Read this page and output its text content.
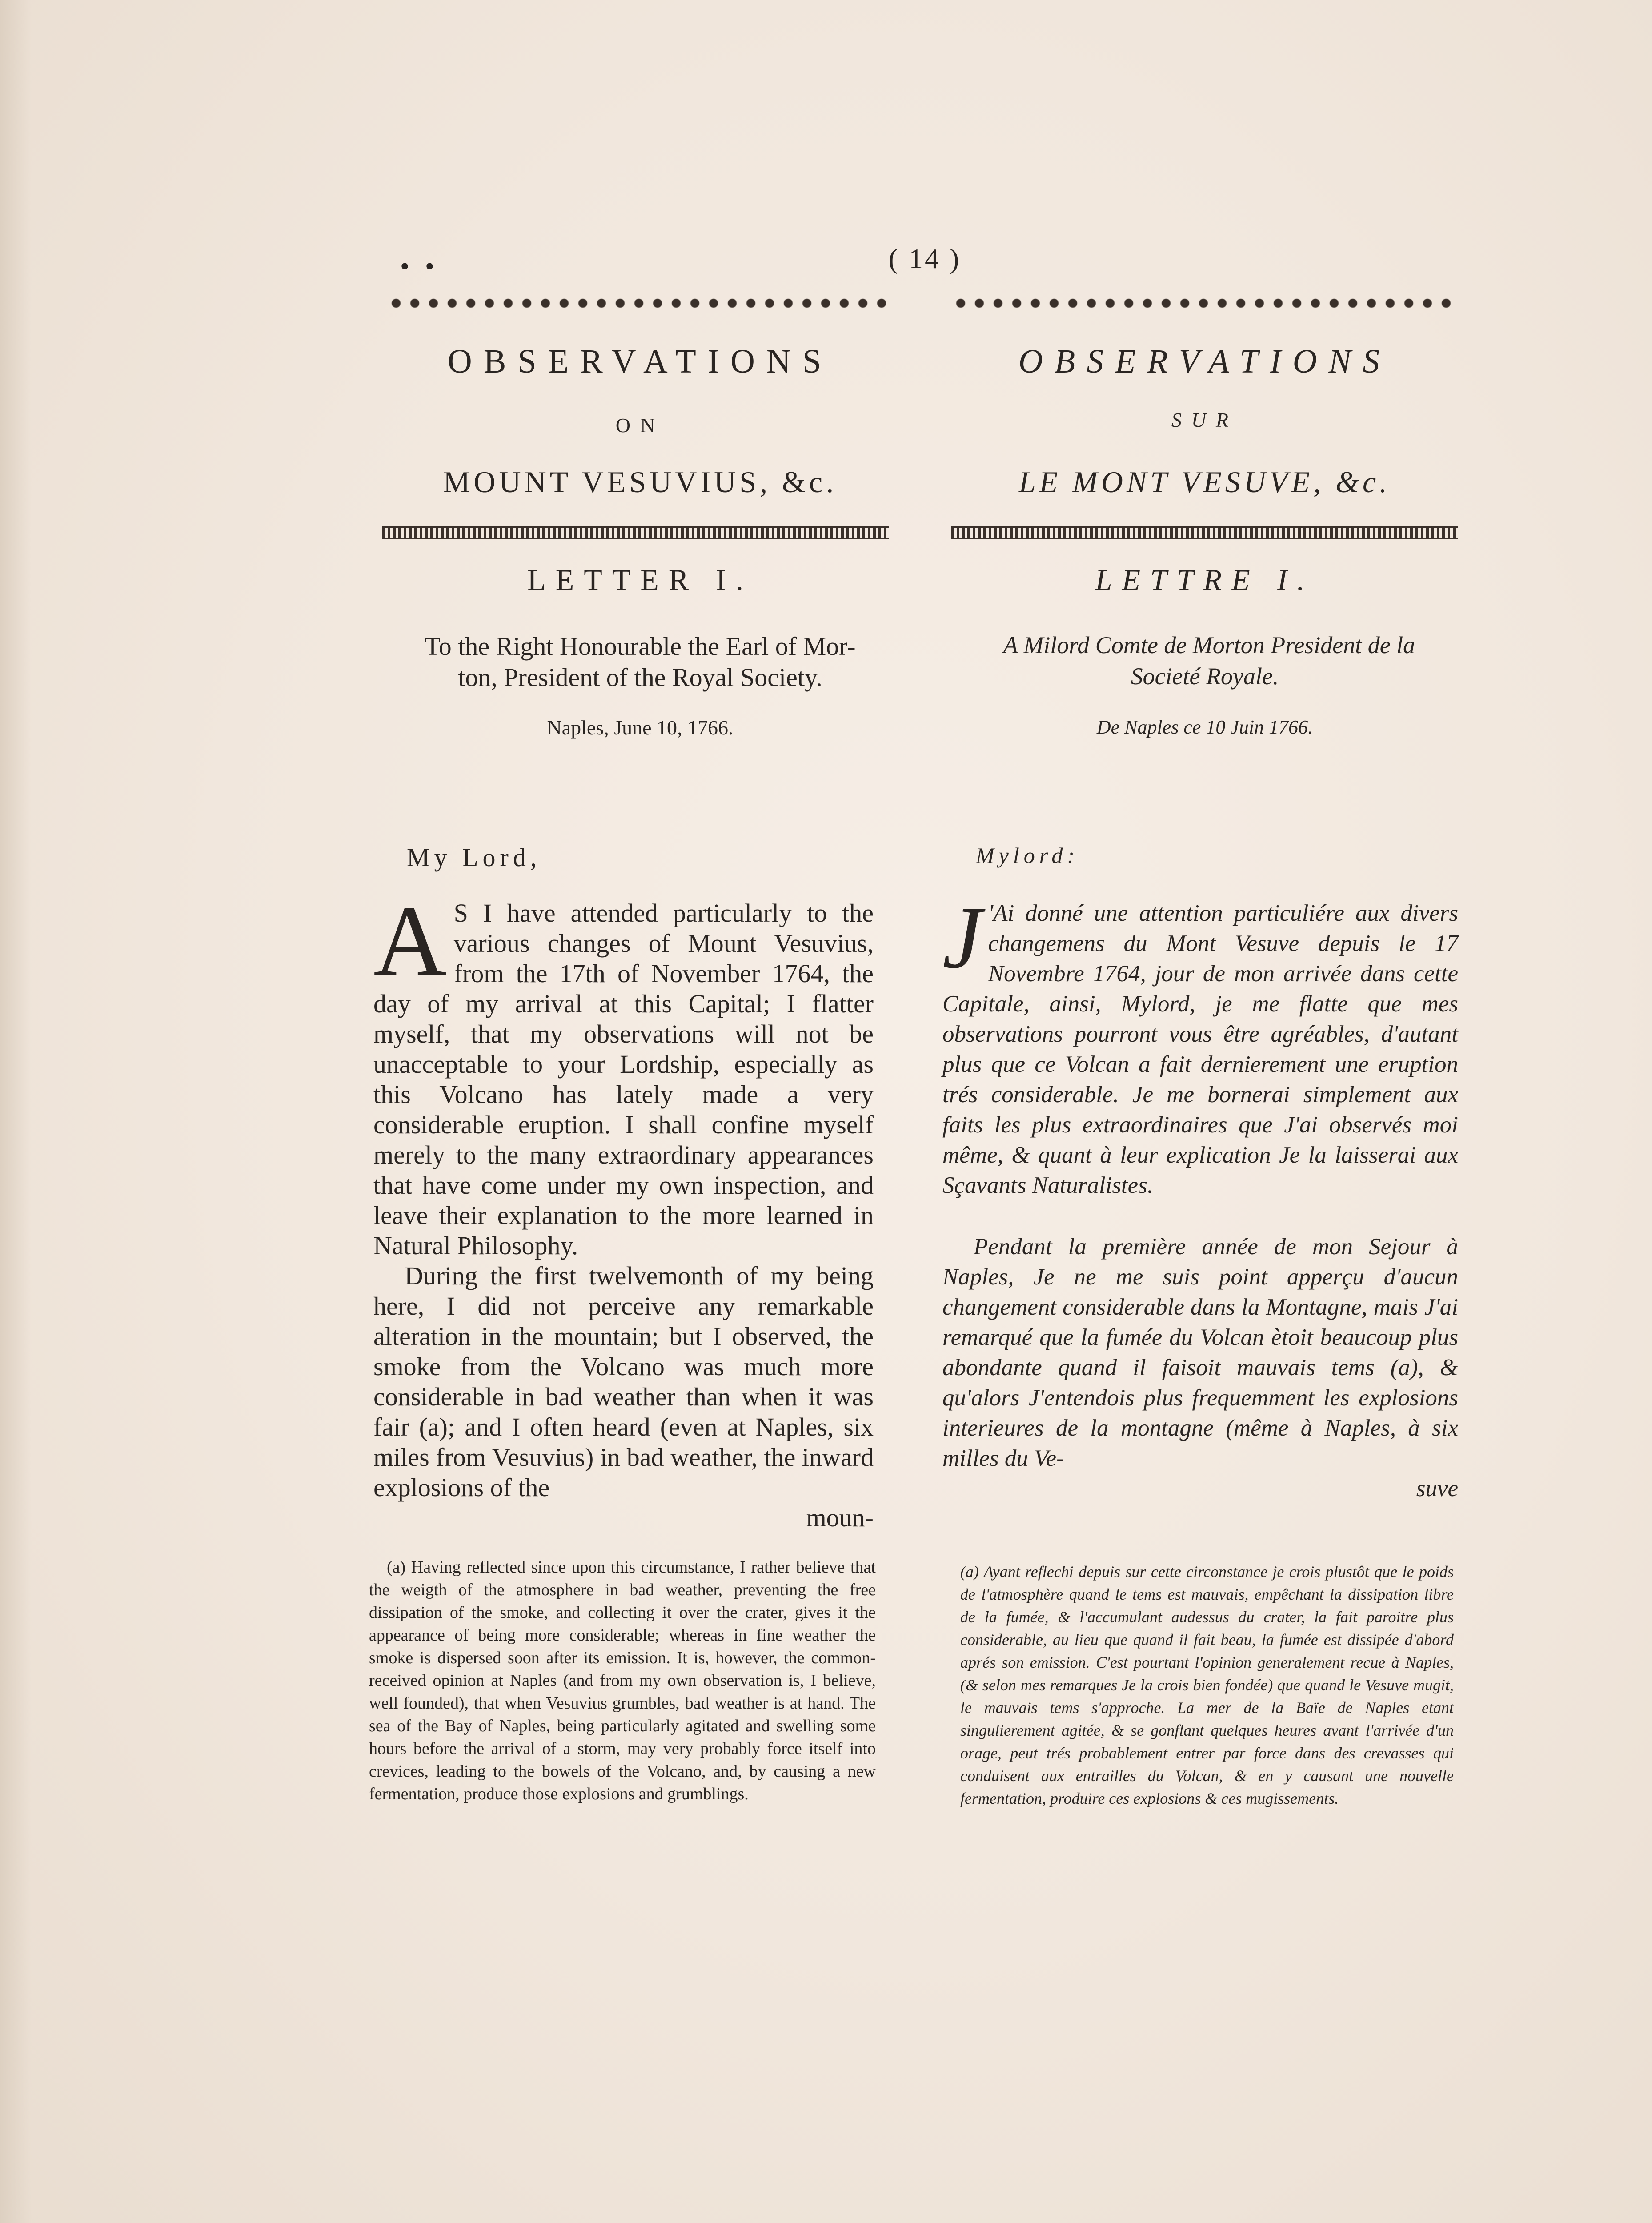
• •	( 14 )
OBSERVATIONS
ON
MOUNT VESUVIUS, &c.
LETTER I.
To the Right Honourable the Earl of Mor-
ton, President of the Royal Society.
Naples, June 10, 1766.
OBSERVATIONS
SUR
LE MONT VESUVE, &c.
LETTRE I.
A Milord Comte de Morton President de la
Societé Royale.
De Naples ce 10 Juin 1766.
My Lord,	Mylord:
A S I have attended particularly to the various changes of Mount Vesuvius, from the 17th of November 1764, the day of my arrival at this Capital; I flatter myself, that my observations will not be unacceptable to your Lordship, especially as this Volcano has lately made a very considerable eruption. I shall confine myself merely to the many extraordinary appearances that have come under my own inspection, and leave their explanation to the more learned in Natural Philosophy.
During the first twelvemonth of my being here, I did not perceive any remarkable alteration in the mountain; but I observed, the smoke from the Volcano was much more considerable in bad weather than when it was fair (a); and I often heard (even at Naples, six miles from Vesuvius) in bad weather, the inward explosions of the
moun-
J 'Ai donné une attention particuliére aux divers changemens du Mont Vesuve depuis le 17 Novembre 1764, jour de mon arrivée dans cette Capitale, ainsi, Mylord, je me flatte que mes observations pourront vous être agréables, d'autant plus que ce Volcan a fait dernierement une eruption trés considerable. Je me bornerai simplement aux faits les plus extraordinaires que J'ai observés moi même, & quant à leur explication Je la laisserai aux Sçavants Naturalistes.
Pendant la première année de mon Sejour à Naples, Je ne me suis point apperçu d'aucun changement considerable dans la Montagne, mais J'ai remarqué que la fumée du Volcan ètoit beaucoup plus abondante quand il faisoit mauvais tems (a), & qu'alors J'entendois plus frequemment les explosions interieures de la montagne (même à Naples, à six milles du Ve-
suve
(a) Having reflected since upon this circumstance, I rather believe that the weigth of the atmosphere in bad weather, preventing the free dissipation of the smoke, and collecting it over the crater, gives it the appearance of being more considerable; whereas in fine weather the smoke is dispersed soon after its emission. It is, however, the common-received opinion at Naples (and from my own observation is, I believe, well founded), that when Vesuvius grumbles, bad weather is at hand. The sea of the Bay of Naples, being particularly agitated and swelling some hours before the arrival of a storm, may very probably force itself into crevices, leading to the bowels of the Volcano, and, by causing a new fermentation, produce those explosions and grumblings.
(a) Ayant reflechi depuis sur cette circonstance je crois plustôt que le poids de l'atmosphère quand le tems est mauvais, empêchant la dissipation libre de la fumée, & l'accumulant audessus du crater, la fait paroitre plus considerable, au lieu que quand il fait beau, la fumée est dissipée d'abord aprés son emission. C'est pourtant l'opinion generalement recue à Naples, (& selon mes remarques Je la crois bien fondée) que quand le Vesuve mugit, le mauvais tems s'approche. La mer de la Baïe de Naples etant singulierement agitée, & se gonflant quelques heures avant l'arrivée d'un orage, peut trés probablement entrer par force dans des crevasses qui conduisent aux entrailles du Volcan, & en y causant une nouvelle fermentation, produire ces explosions & ces mugissements.
